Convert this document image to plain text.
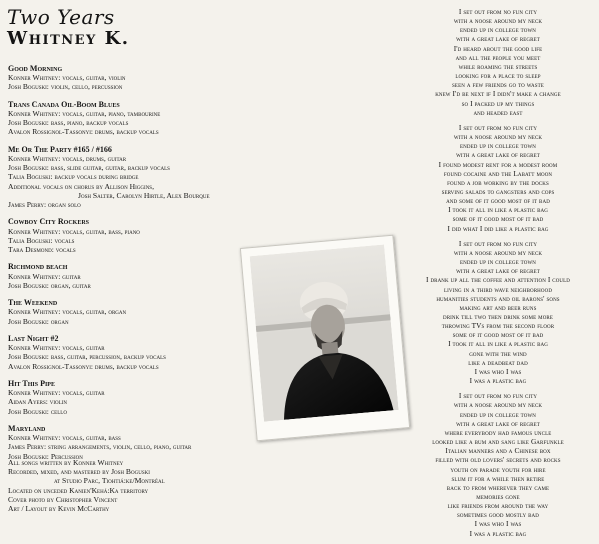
Two Years
Whitney K.
Good Morning
Konner Whitney: vocals, guitar, violin
Josh Boguski: violin, cello, percussion
Trans Canada Oil-Boom Blues
Konner Whitney: vocals, guitar, piano, tambourine
Josh Boguski: bass, piano, backup vocals
Avalon Rossignol-Tassonyi: drums, backup vocals
Me Or The Party #165 / #166
Konner Whitney: vocals, drums, guitar
Josh Boguski: bass, slide guitar, guitar, backup vocals
Talia Boguski: backup vocals during bridge
Additional vocals on chorus by Allison Higgins,
Josh Salter, Carolyn Hirtle, Alex Bourque
James Perry: organ solo
Cowboy City Rockers
Konner Whitney: vocals, guitar, bass, piano
Talia Boguski: vocals
Tara Desmond: vocals
Richmond beach
Konner Whitney: guitar
Josh Boguski: organ, guitar
The Weekend
Konner Whitney: vocals, guitar, organ
Josh Boguski: organ
Last Night #2
Konner Whitney: vocals, guitar
Josh Boguski: bass, guitar, percussion, backup vocals
Avalon Rossignol-Tassonyi: drums, backup vocals
Hit This Pipe
Konner Whitney: vocals, guitar
Aidan Ayers: violin
Josh Boguski: cello
Maryland
Konner Whitney: vocals, guitar, bass
James Perry: string arrangements, violin, cello, piano, guitar
Josh Boguski: Percussion
All songs written by Konner Whitney
Recorded, mixed, and mastered by Josh Boguski
at Studio Parc, Tiohtiá:ke/Montréal
Located on unceded Kanien'Kehá:Ka territory
Cover photo by Christopher Vincent
Art / Layout by Kevin McCarthy
I set out from no fun city
with a noose around my neck
ended up in college town
with a great lake of regret
I'd heard about the good life
and all the people you meet
while roaming the streets
looking for a place to sleep
seen a few friends go to waste
knew I'd be next if I didn't make a change
so I packed up my things
and headed east
I set out from no fun city
with a noose around my neck
ended up in college town
with a great lake of regret
I found modest rent for a modest room
found cocaine and the Labatt moon
found a job working by the docks
serving salads to gangsters and cops
and some of it good most of it bad
I took it all in like a plastic bag
some of it good most of it bad
I did what I did like a plastic bag
I set out from no fun city
with a noose around my neck
ended up in college town
with a great lake of regret
I drank up all the coffee and attention I could
living in a third wave neighborhood
humanities students and oil barons' sons
making art and beer runs
drink till two then drink some more
throwing TVs from the second floor
some of it good most of it bad
I took it all in like a plastic bag
gone with the wind
like a deadbeat dad
I was who I was
I was a plastic bag
I set out from no fun city
with a noose around my neck
ended up in college town
with a great lake of regret
where everybody had famous uncle
looked like a bum and sang like Garfunkle
Italian manners and a Chinese box
filled with old lovers' secrets and rocks
youth on parade youth for hire
slum it for a while then retire
back to from wherever they came
memories gone
like friends from around the way
sometimes good mostly bad
I was who I was
I was a plastic bag
